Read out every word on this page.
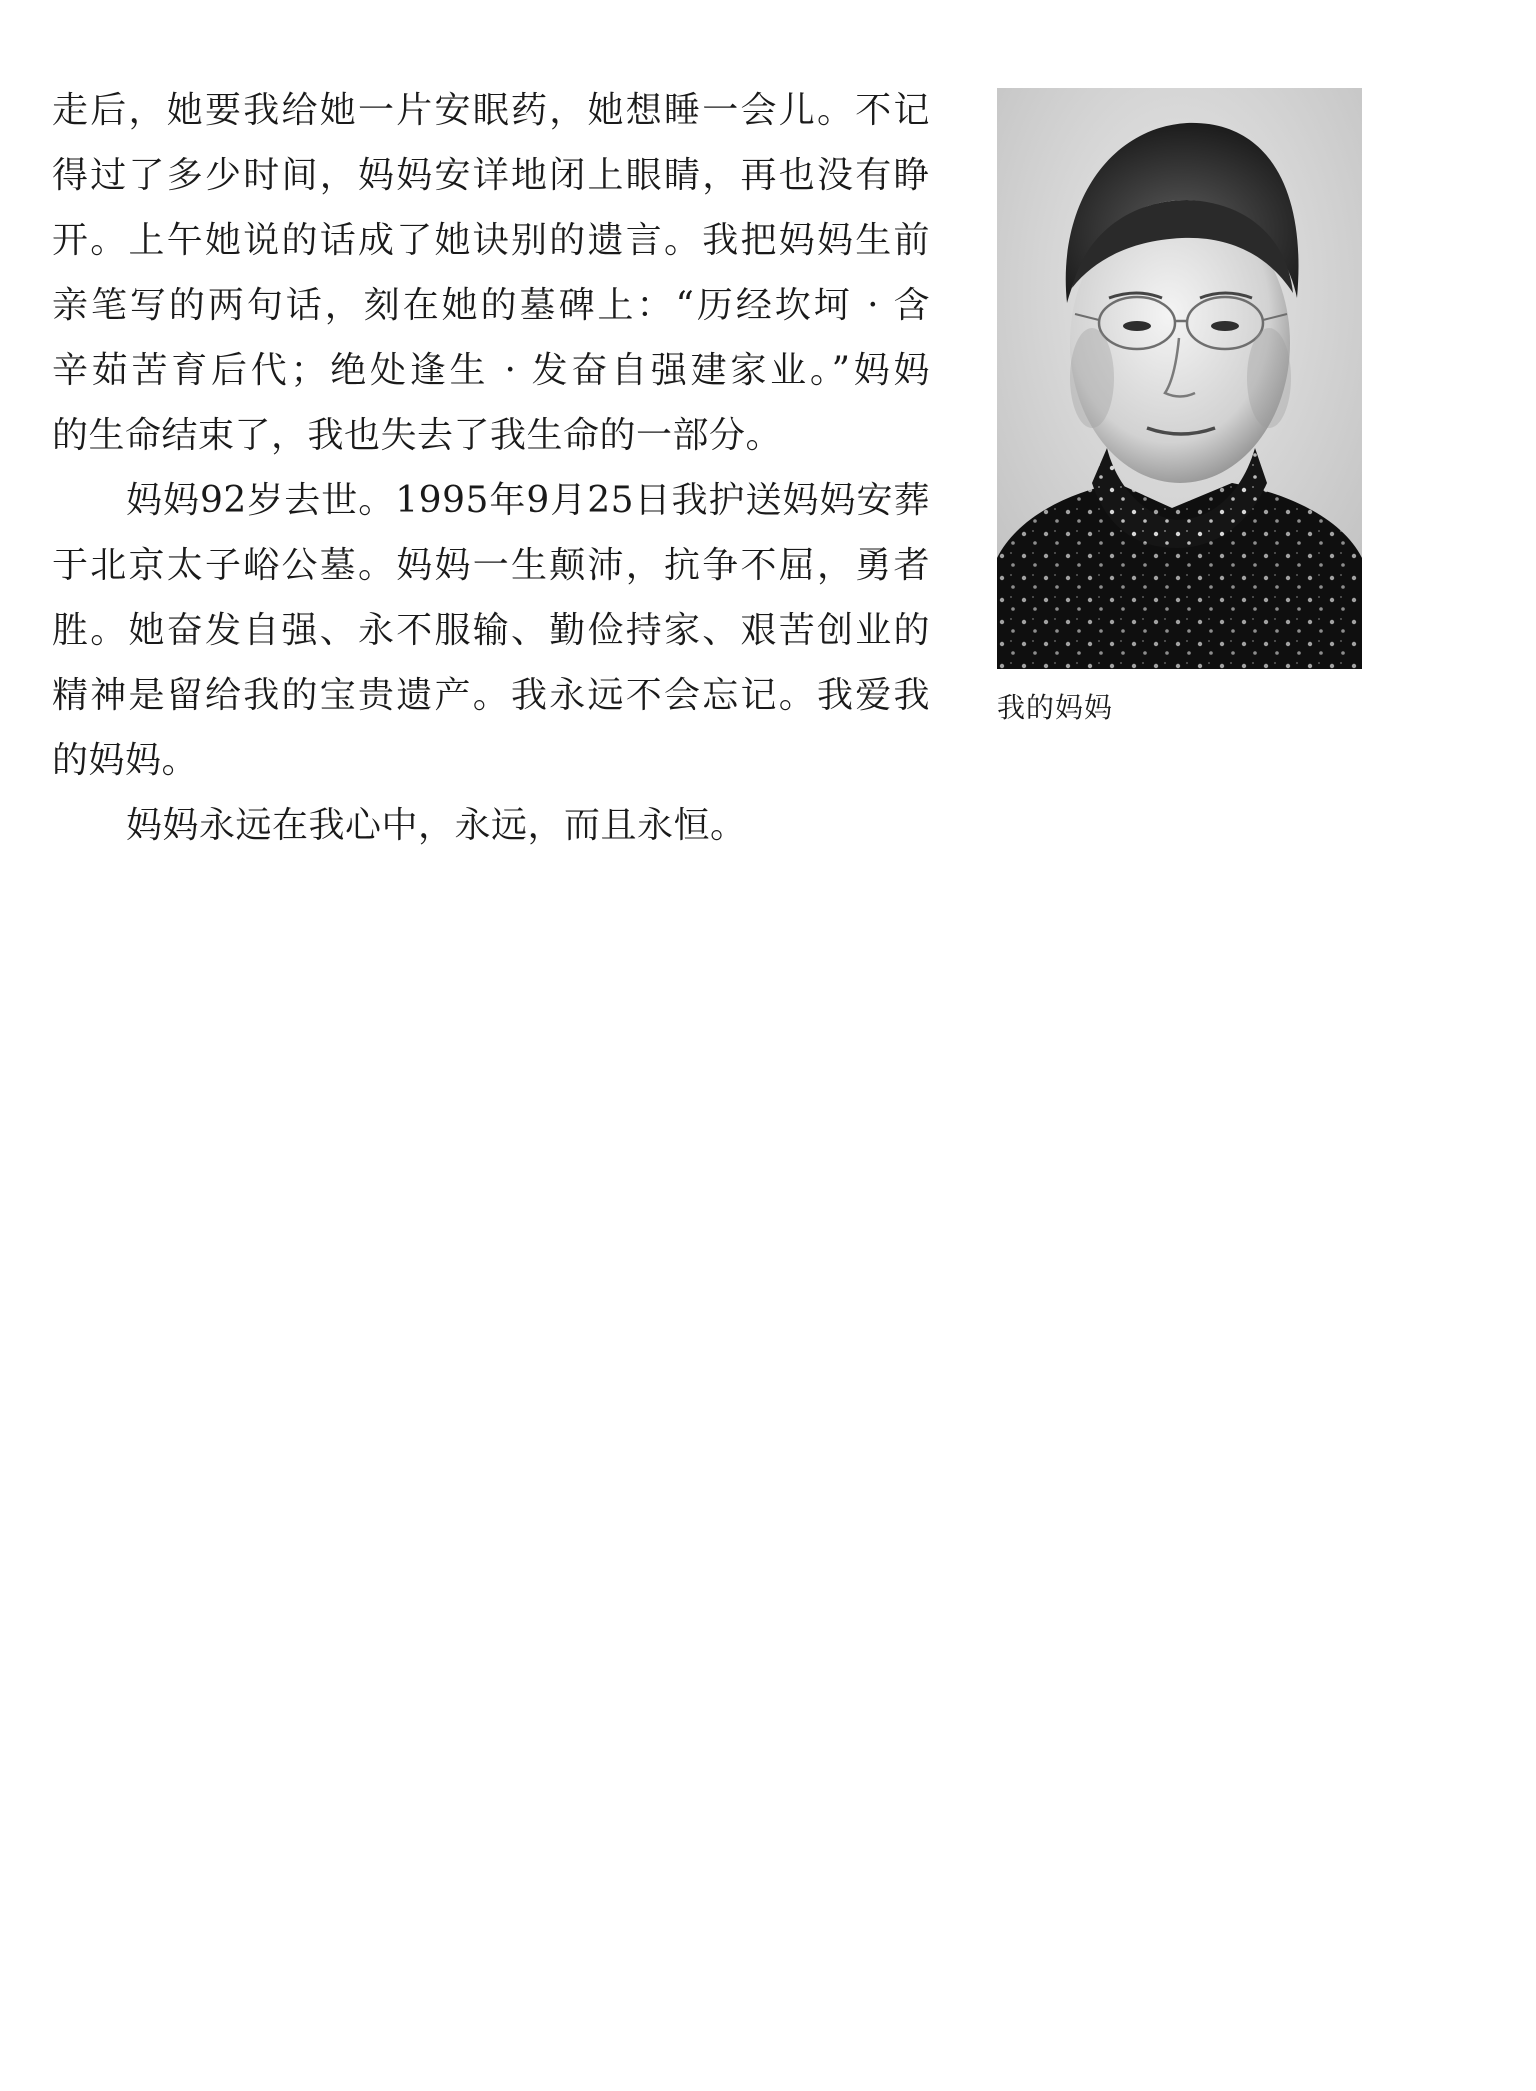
走后，她要我给她一片安眠药，她想睡一会儿。不记
得过了多少时间，妈妈安详地闭上眼睛，再也没有睁
开。上午她说的话成了她诀别的遗言。我把妈妈生前
亲笔写的两句话，刻在她的墓碑上：“历经坎坷 · 含
辛茹苦育后代；绝处逢生 · 发奋自强建家业。”妈妈
的生命结束了，我也失去了我生命的一部分。
妈妈92岁去世。1995年9月25日我护送妈妈安葬
于北京太子峪公墓。妈妈一生颠沛，抗争不屈，勇者
胜。她奋发自强、永不服输、勤俭持家、艰苦创业的
精神是留给我的宝贵遗产。我永远不会忘记。我爱我
的妈妈。
妈妈永远在我心中，永远，而且永恒。
我的妈妈
